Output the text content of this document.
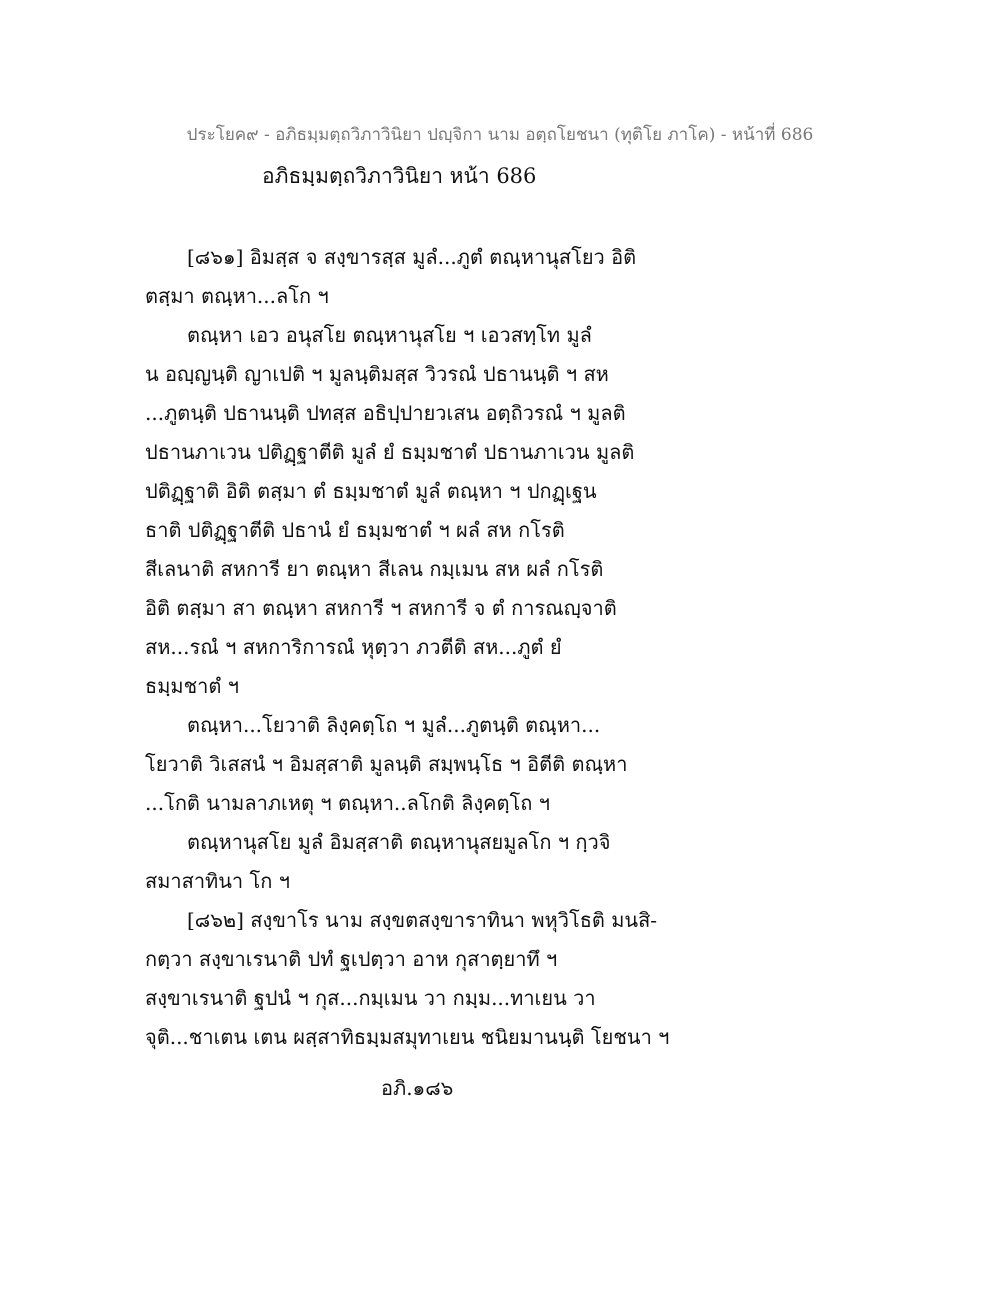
ประโยค๙ - อภิธมฺมตฺถวิภาวินิยา ปญฺจิกา นาม อตฺถโยชนา (ทุติโย ภาโค) - หน้าที่ 686
อภิธมฺมตฺถวิภาวินิยา หน้า 686
[๘๖๑] อิมสฺส จ สงฺขารสฺส มูลํ...ภูตํ ตณฺหานุสโยว อิติ
ตสฺมา ตณฺหา...ลโก ฯ
ตณฺหา เอว อนุสโย ตณฺหานุสโย ฯ เอวสทฺโท มูลํ
น อญฺญนฺติ ญาเปติ ฯ มูลนฺติมสฺส วิวรณํ ปธานนฺติ ฯ สห
...ภูตนฺติ ปธานนฺติ ปทสฺส อธิปฺปายวเสน อตฺถิวรณํ ฯ มูลติ
ปธานภาเวน ปติฏฺฐาตีติ มูลํ ยํ ธมฺมชาตํ ปธานภาเวน มูลติ
ปติฏฺฐาติ อิติ ตสฺมา ตํ ธมฺมชาตํ มูลํ ตณฺหา ฯ ปกฏฺเฐน
ธาติ ปติฏฺฐาตีติ ปธานํ ยํ ธมฺมชาตํ ฯ ผลํ สห กโรติ
สีเลนาติ สหการี ยา ตณฺหา สีเลน กมฺเมน สห ผลํ กโรติ
อิติ ตสฺมา สา ตณฺหา สหการี ฯ สหการี จ ตํ การณญฺจาติ
สห...รณํ ฯ สหการิการณํ หุตฺวา ภวตีติ สห...ภูตํ ยํ
ธมฺมชาตํ ฯ
ตณฺหา...โยวาติ ลิงฺคตฺโถ ฯ มูลํ...ภูตนฺติ ตณฺหา...
โยวาติ วิเสสนํ ฯ อิมสฺสาติ มูลนฺติ สมฺพนฺโธ ฯ อิตีติ ตณฺหา
...โกติ นามลาภเหตุ ฯ ตณฺหา..ลโกติ ลิงฺคตฺโถ ฯ
ตณฺหานุสโย มูลํ อิมสฺสาติ ตณฺหานุสยมูลโก ฯ กฺวจิ
สมาสาทินา โก ฯ
[๘๖๒] สงฺขาโร นาม สงฺขตสงฺขาราทินา พหุวิโธติ มนสิ-
กตฺวา สงฺขาเรนาติ ปทํ ฐเปตฺวา อาห กุสาตฺยาทึ ฯ
สงฺขาเรนาติ ฐปนํ ฯ กุส...กมฺเมน วา กมฺม...ทาเยน วา
จุติ...ชาเตน เตน ผสฺสาทิธมฺมสมุทาเยน ชนิยมานนฺติ โยชนา ฯ
อภิ.๑๘๖
